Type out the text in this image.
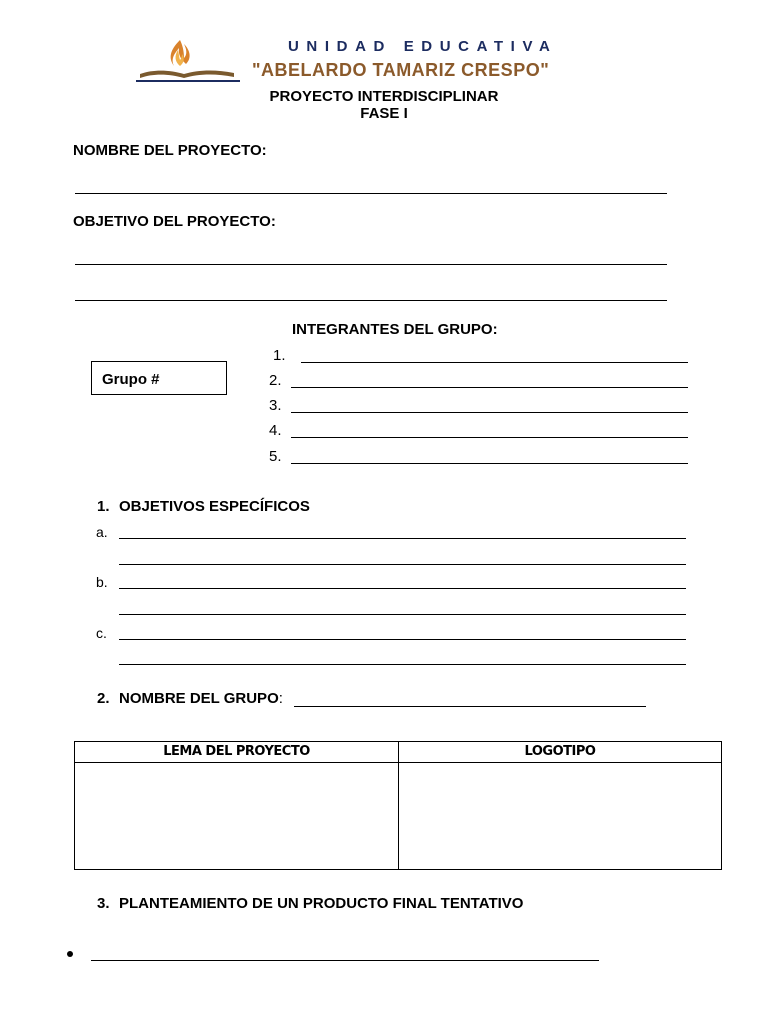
UNIDAD EDUCATIVA
"ABELARDO TAMARIZ CRESPO"
PROYECTO INTERDISCIPLINAR
FASE I
NOMBRE DEL PROYECTO:
OBJETIVO DEL PROYECTO:
INTEGRANTES DEL GRUPO:
Grupo #
1.
2.
3.
4.
5.
1. OBJETIVOS ESPECÍFICOS
a.
b.
c.
2. NOMBRE DEL GRUPO:
LEMA DEL PROYECTO	LOGOTIPO
3. PLANTEAMIENTO DE UN PRODUCTO FINAL TENTATIVO
